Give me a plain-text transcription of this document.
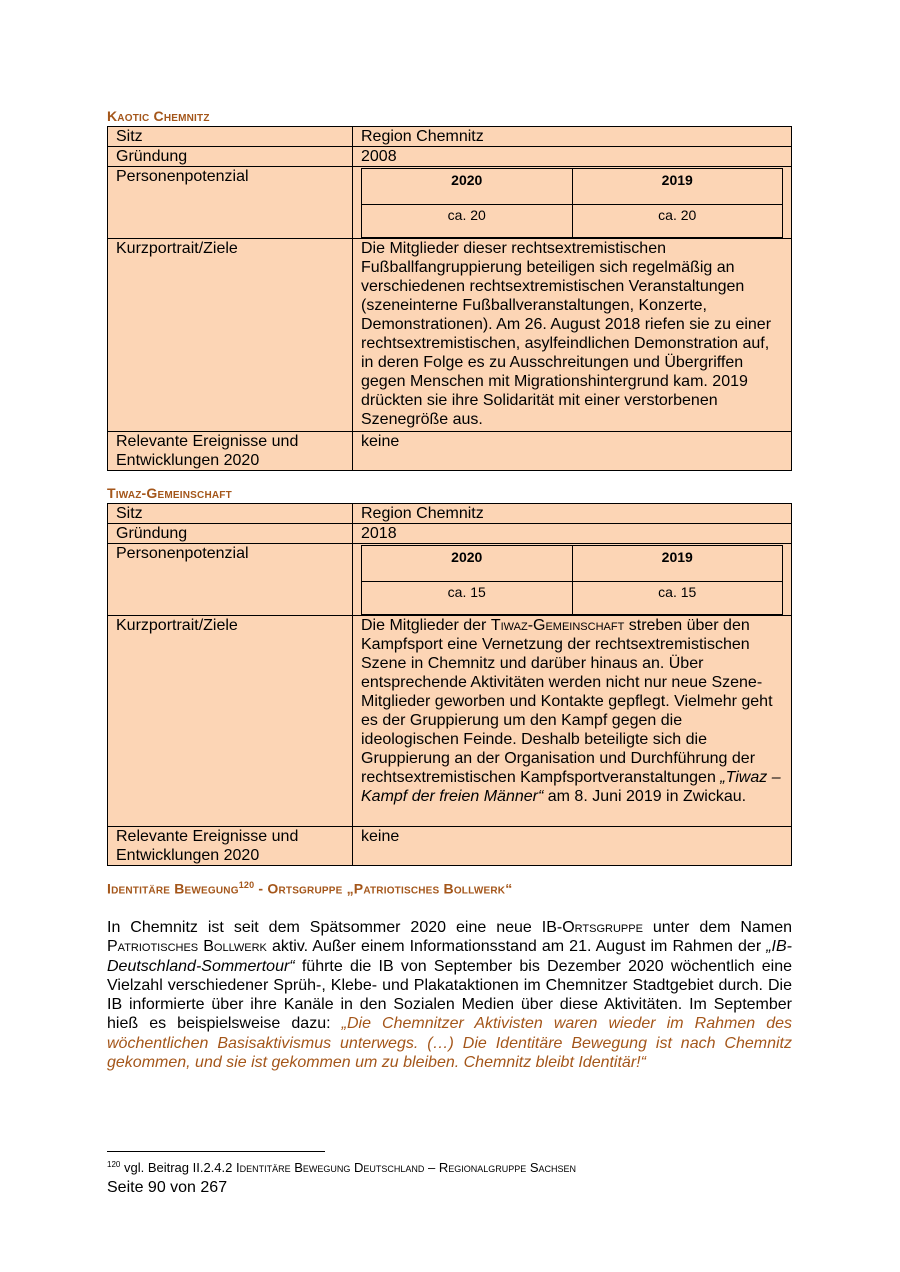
Kaotic Chemnitz
Sitz	Region Chemnitz
Gründung	2008
Personenpotenzial		2020	2019
ca. 20	ca. 20

Kurzportrait/Ziele	Die Mitglieder dieser rechtsextremistischen Fußballfangruppierung beteiligen sich regelmäßig an verschiedenen rechtsextremistischen Veranstaltungen (szeneinterne Fußballveranstaltungen, Konzerte, Demonstrationen). Am 26. August 2018 riefen sie zu einer rechtsextremistischen, asylfeindlichen Demonstration auf, in deren Folge es zu Ausschreitungen und Übergriffen gegen Menschen mit Migrationshintergrund kam. 2019 drückten sie ihre Solidarität mit einer verstorbenen Szenegröße aus.
Relevante Ereignisse und
Entwicklungen 2020	keine
Tiwaz-Gemeinschaft
Sitz	Region Chemnitz
Gründung	2018
Personenpotenzial		2020	2019
ca. 15	ca. 15

Kurzportrait/Ziele	Die Mitglieder der Tiwaz-Gemeinschaft streben über den Kampfsport eine Vernetzung der rechtsextremistischen Szene in Chemnitz und darüber hinaus an. Über entsprechende Aktivitäten werden nicht nur neue Szene-Mitglieder geworben und Kontakte gepflegt. Vielmehr geht es der Gruppierung um den Kampf gegen die ideologischen Feinde. Deshalb beteiligte sich die Gruppierung an der Organisation und Durchführung der rechtsextremistischen Kampfsportveranstaltungen „Tiwaz – Kampf der freien Männer“ am 8. Juni 2019 in Zwickau.
Relevante Ereignisse und
Entwicklungen 2020	keine
Identitäre Bewegung$^{120}$ - Ortsgruppe „Patriotisches Bollwerk“
In Chemnitz ist seit dem Spätsommer 2020 eine neue IB-Ortsgruppe unter dem Namen Patriotisches Bollwerk aktiv. Außer einem Informationsstand am 21. August im Rahmen der „IB-Deutschland-Sommertour“ führte die IB von September bis Dezember 2020 wöchentlich eine Vielzahl verschiedener Sprüh-, Klebe- und Plakataktionen im Chemnitzer Stadtgebiet durch. Die IB informierte über ihre Kanäle in den Sozialen Medien über diese Aktivitäten. Im September hieß es beispielsweise dazu: „Die Chemnitzer Aktivisten waren wieder im Rahmen des wöchentlichen Basisaktivismus unterwegs. (…) Die Identitäre Bewegung ist nach Chemnitz gekommen, und sie ist gekommen um zu bleiben. Chemnitz bleibt Identitär!“
$^{120}$ vgl. Beitrag II.2.4.2 Identitäre Bewegung Deutschland – Regionalgruppe Sachsen
Seite 90 von 267
